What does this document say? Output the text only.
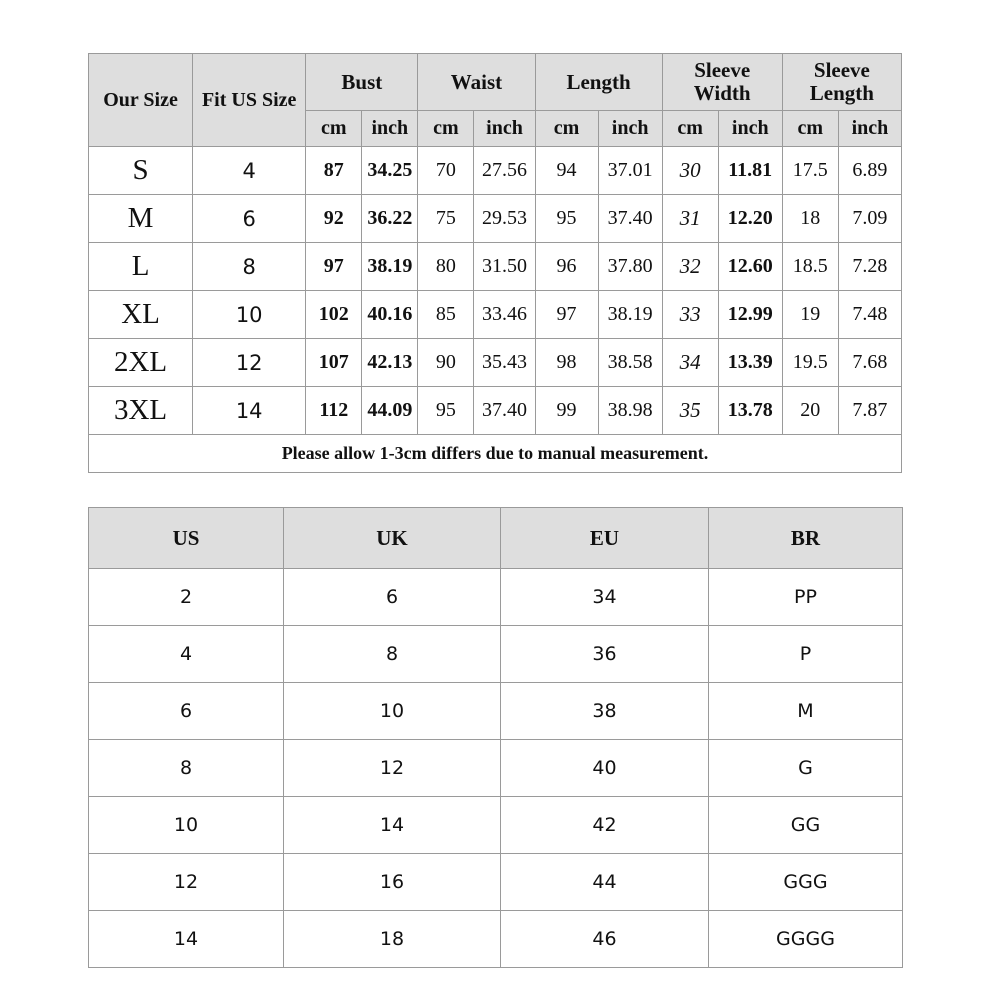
Our Size	Fit US Size	Bust		Waist		Length		Sleeve Width		Sleeve Length	
		cm	inch	cm	inch	cm	inch	cm	inch	cm	inch
S	4	87	34.25	70	27.56	94	37.01	30	11.81	17.5	6.89
M	6	92	36.22	75	29.53	95	37.40	31	12.20	18	7.09
L	8	97	38.19	80	31.50	96	37.80	32	12.60	18.5	7.28
XL	10	102	40.16	85	33.46	97	38.19	33	12.99	19	7.48
2XL	12	107	42.13	90	35.43	98	38.58	34	13.39	19.5	7.68
3XL	14	112	44.09	95	37.40	99	38.98	35	13.78	20	7.87
Please allow 1-3cm differs due to manual measurement.											
US	UK	EU	BR
2	6	34	PP
4	8	36	P
6	10	38	M
8	12	40	G
10	14	42	GG
12	16	44	GGG
14	18	46	GGGG
